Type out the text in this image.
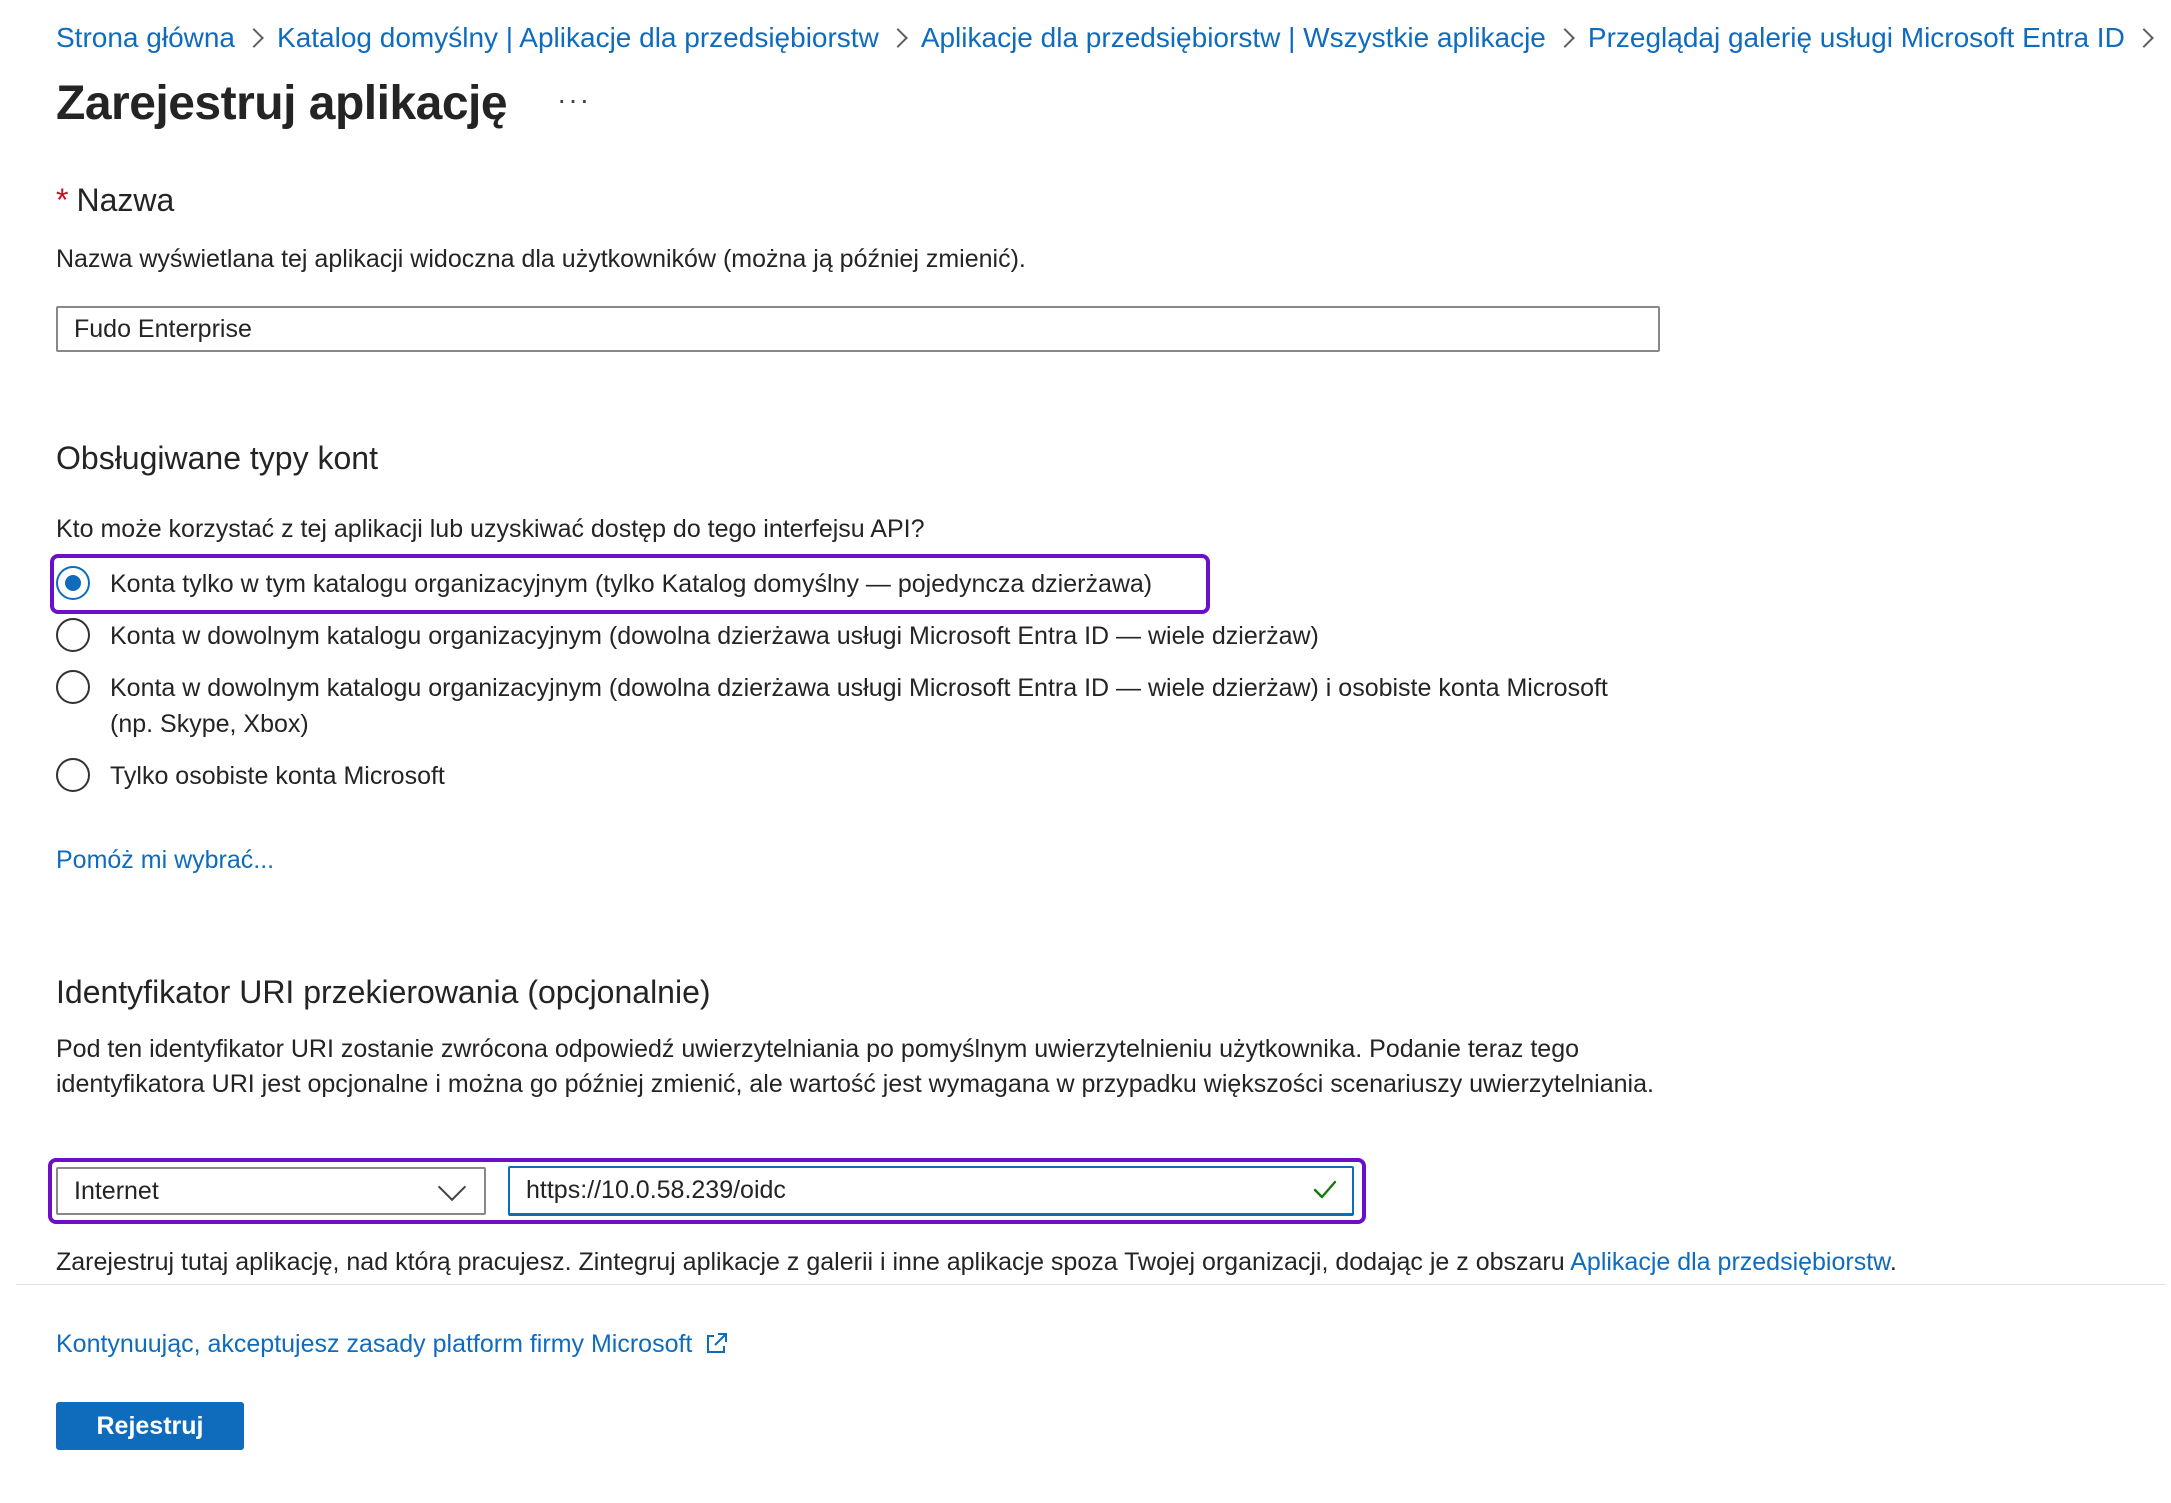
Strona główna Katalog domyślny | Aplikacje dla przedsiębiorstw Aplikacje dla przedsiębiorstw | Wszystkie aplikacje Przeglądaj galerię usługi Microsoft Entra ID
Zarejestruj aplikację ···
* Nazwa
Nazwa wyświetlana tej aplikacji widoczna dla użytkowników (można ją później zmienić).
Fudo Enterprise
Obsługiwane typy kont
Kto może korzystać z tej aplikacji lub uzyskiwać dostęp do tego interfejsu API?
Konta tylko w tym katalogu organizacyjnym (tylko Katalog domyślny — pojedyncza dzierżawa)
Konta w dowolnym katalogu organizacyjnym (dowolna dzierżawa usługi Microsoft Entra ID — wiele dzierżaw)
Konta w dowolnym katalogu organizacyjnym (dowolna dzierżawa usługi Microsoft Entra ID — wiele dzierżaw) i osobiste konta Microsoft (np. Skype, Xbox)
Tylko osobiste konta Microsoft
Pomóż mi wybrać...
Identyfikator URI przekierowania (opcjonalnie)
Pod ten identyfikator URI zostanie zwrócona odpowiedź uwierzytelniania po pomyślnym uwierzytelnieniu użytkownika. Podanie teraz tego identyfikatora URI jest opcjonalne i można go później zmienić, ale wartość jest wymagana w przypadku większości scenariuszy uwierzytelniania.
Internet
https://10.0.58.239/oidc
Zarejestruj tutaj aplikację, nad którą pracujesz. Zintegruj aplikacje z galerii i inne aplikacje spoza Twojej organizacji, dodając je z obszaru Aplikacje dla przedsiębiorstw.
Kontynuując, akceptujesz zasady platform firmy Microsoft
Rejestruj
